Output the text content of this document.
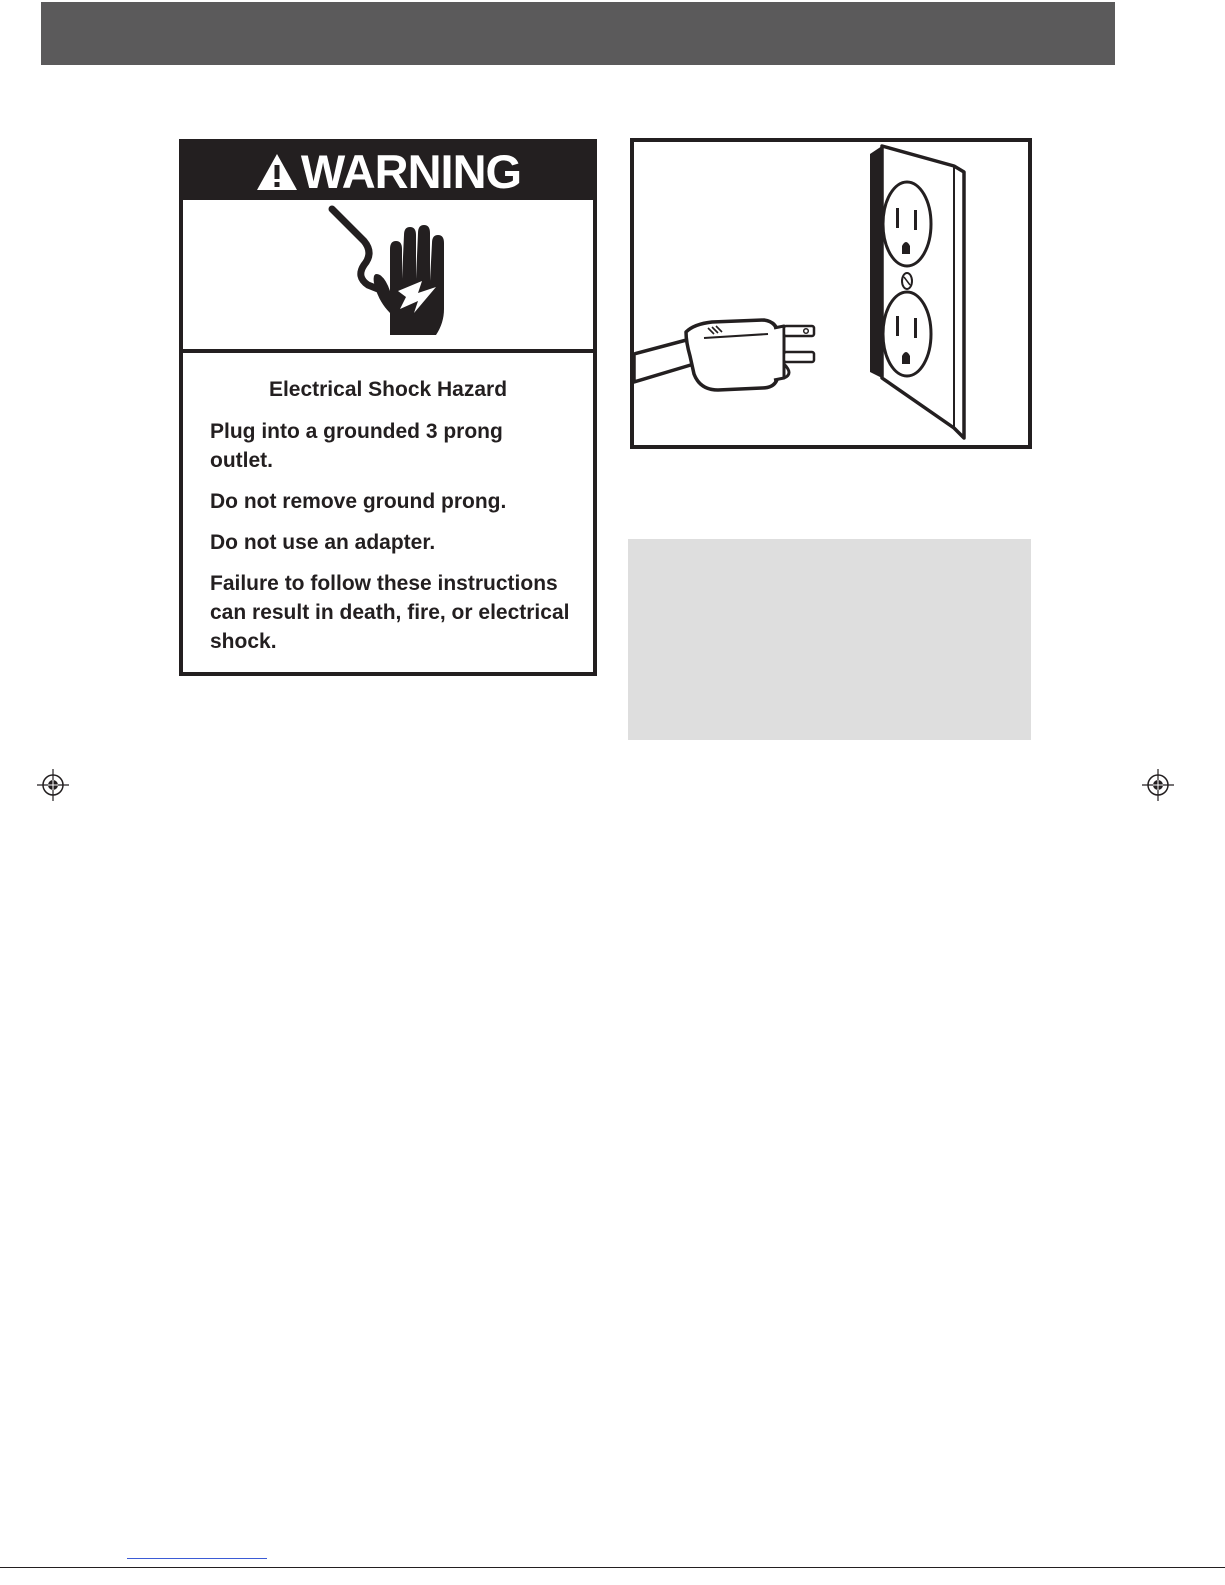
WARNING
Electrical Shock Hazard

Plug into a grounded 3 prong outlet.

Do not remove ground prong.

Do not use an adapter.

Failure to follow these instructions can result in death, fire, or electrical shock.
